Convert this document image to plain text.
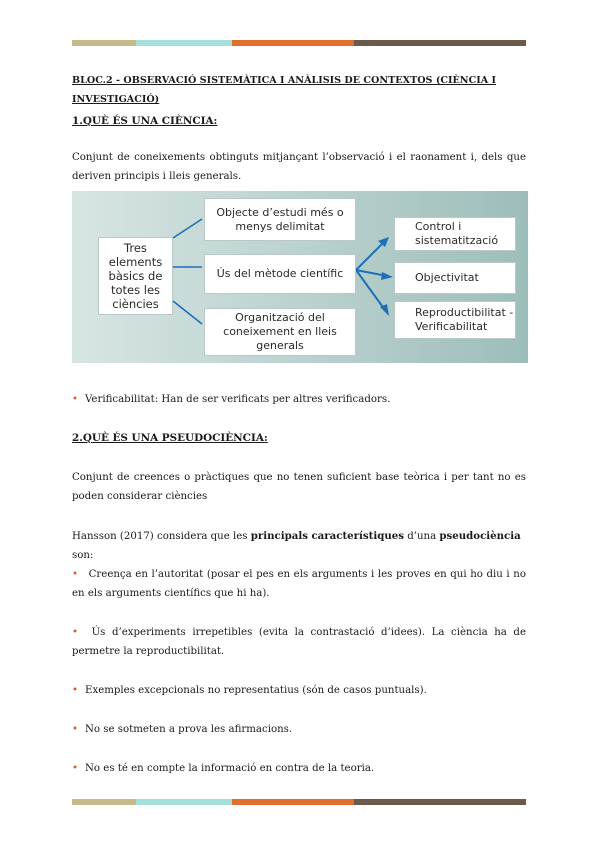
BLOC.2 - OBSERVACIÓ SISTEMÀTICA I ANÀLISIS DE CONTEXTOS (CIÈNCIA I INVESTIGACIÓ)
1.QUÈ ÉS UNA CIÈNCIA:
Conjunt de coneixements obtinguts mitjançant l’observació i el raonament i, dels que deriven principis i lleis generals.
Tres elements bàsics de totes les ciències
Objecte d’estudi més o menys delimitat
Ús del mètode científic
Organització del coneixement en lleis generals
Control i sistematització
Objectivitat
Reproductibilitat - Verificabilitat
• Verificabilitat: Han de ser verificats per altres verificadors.
2.QUÈ ÉS UNA PSEUDOCIÈNCIA:
Conjunt de creences o pràctiques que no tenen suficient base teòrica i per tant no es poden considerar ciències
Hansson (2017) considera que les principals característiques d’una pseudociència son:
• Creença en l’autoritat (posar el pes en els arguments i les proves en qui ho diu i no en els arguments científics que hi ha).
• Ús d’experiments irrepetibles (evita la contrastació d’idees). La ciència ha de permetre la reproductibilitat.
• Exemples excepcionals no representatius (són de casos puntuals).
• No se sotmeten a prova les afirmacions.
• No es té en compte la informació en contra de la teoria.
